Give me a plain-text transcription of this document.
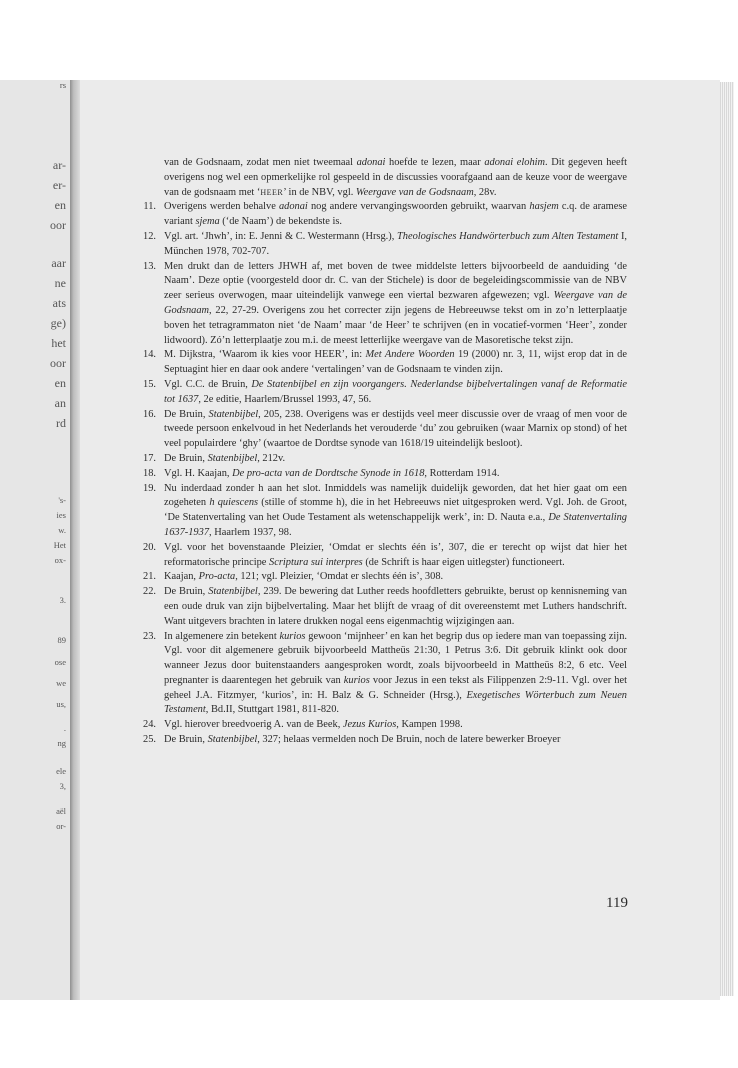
ar-
er-
en
oor
aar
ne
ats
ge)
het
oor
en
an
rd
's-
ies
w.
Het
ox-
3.
89
ose
we
us,
.
ng
ele
3,
aël
or-
rs
van de Godsnaam, zodat men niet tweemaal adonai hoefde te lezen, maar adonai elohim. Dit gegeven heeft overigens nog wel een opmerkelijke rol gespeeld in de discussies voorafgaand aan de keuze voor de weergave van de godsnaam met ‘HEER’ in de NBV, vgl. Weergave van de Godsnaam, 28v.
11. Overigens werden behalve adonai nog andere vervangingswoorden gebruikt, waarvan hasjem c.q. de aramese variant sjema (‘de Naam’) de bekendste is.
12. Vgl. art. ‘Jhwh’, in: E. Jenni & C. Westermann (Hrsg.), Theologisches Handwörterbuch zum Alten Testament I, München 1978, 702-707.
13. Men drukt dan de letters JHWH af, met boven de twee middelste letters bijvoorbeeld de aanduiding ‘de Naam’. Deze optie (voorgesteld door dr. C. van der Stichele) is door de begeleidingscommissie van de NBV zeer serieus overwogen, maar uiteindelijk vanwege een viertal bezwaren afgewezen; vgl. Weergave van de Godsnaam, 22, 27-29. Overigens zou het correcter zijn jegens de Hebreeuwse tekst om in zo’n letterplaatje boven het tetragrammaton niet ‘de Naam’ maar ‘de Heer’ te schrijven (en in vocatief-vormen ‘Heer’, zonder lidwoord). Zó’n letterplaatje zou m.i. de meest letterlijke weergave van de Masoretische tekst zijn.
14. M. Dijkstra, ‘Waarom ik kies voor HEER’, in: Met Andere Woorden 19 (2000) nr. 3, 11, wijst erop dat in de Septuagint hier en daar ook andere ‘vertalingen’ van de Godsnaam te vinden zijn.
15. Vgl. C.C. de Bruin, De Statenbijbel en zijn voorgangers. Nederlandse bijbelvertalingen vanaf de Reformatie tot 1637, 2e editie, Haarlem/Brussel 1993, 47, 56.
16. De Bruin, Statenbijbel, 205, 238. Overigens was er destijds veel meer discussie over de vraag of men voor de tweede persoon enkelvoud in het Nederlands het verouderde ‘du’ zou gebruiken (waar Marnix op stond) of het veel populairdere ‘ghy’ (waartoe de Dordtse synode van 1618/19 uiteindelijk besloot).
17. De Bruin, Statenbijbel, 212v.
18. Vgl. H. Kaajan, De pro-acta van de Dordtsche Synode in 1618, Rotterdam 1914.
19. Nu inderdaad zonder h aan het slot. Inmiddels was namelijk duidelijk geworden, dat het hier gaat om een zogeheten h quiescens (stille of stomme h), die in het Hebreeuws niet uitgesproken werd. Vgl. Joh. de Groot, ‘De Statenvertaling van het Oude Testament als wetenschappelijk werk’, in: D. Nauta e.a., De Statenvertaling 1637-1937, Haarlem 1937, 98.
20. Vgl. voor het bovenstaande Pleizier, ‘Omdat er slechts één is’, 307, die er terecht op wijst dat hier het reformatorische principe Scriptura sui interpres (de Schrift is haar eigen uitlegster) functioneert.
21. Kaajan, Pro-acta, 121; vgl. Pleizier, ‘Omdat er slechts één is’, 308.
22. De Bruin, Statenbijbel, 239. De bewering dat Luther reeds hoofdletters gebruikte, berust op kennisneming van een oude druk van zijn bijbelvertaling. Maar het blijft de vraag of dit overeenstemt met Luthers handschrift. Want uitgevers brachten in latere drukken nogal eens eigenmachtig wijzigingen aan.
23. In algemenere zin betekent kurios gewoon ‘mijnheer’ en kan het begrip dus op iedere man van toepassing zijn. Vgl. voor dit algemenere gebruik bijvoorbeeld Mattheüs 21:30, 1 Petrus 3:6. Dit gebruik klinkt ook door wanneer Jezus door buitenstaanders aangesproken wordt, zoals bijvoorbeeld in Mattheüs 8:2, 6 etc. Veel pregnanter is daarentegen het gebruik van kurios voor Jezus in een tekst als Filippenzen 2:9-11. Vgl. over het geheel J.A. Fitzmyer, ‘kurios’, in: H. Balz & G. Schneider (Hrsg.), Exegetisches Wörterbuch zum Neuen Testament, Bd.II, Stuttgart 1981, 811-820.
24. Vgl. hierover breedvoerig A. van de Beek, Jezus Kurios, Kampen 1998.
25. De Bruin, Statenbijbel, 327; helaas vermelden noch De Bruin, noch de latere bewerker Broeyer
119
